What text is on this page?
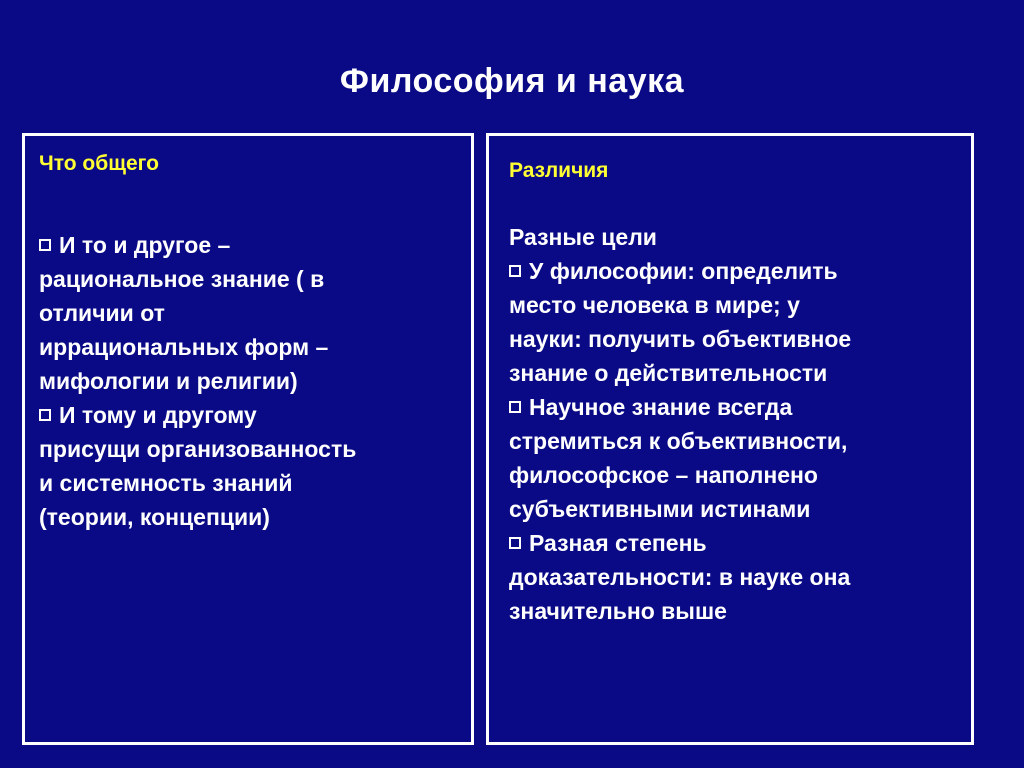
Философия и наука
Что общего
И то и другое –
рациональное знание ( в
отличии от
иррациональных форм –
мифологии и религии)
И тому и другому
присущи организованность
и системность знаний
(теории, концепции)
Различия
Разные цели
У философии: определить
место человека в мире; у
науки: получить объективное
знание о действительности
Научное знание всегда
стремиться к объективности,
философское – наполнено
субъективными истинами
Разная степень
доказательности: в науке она
значительно выше
